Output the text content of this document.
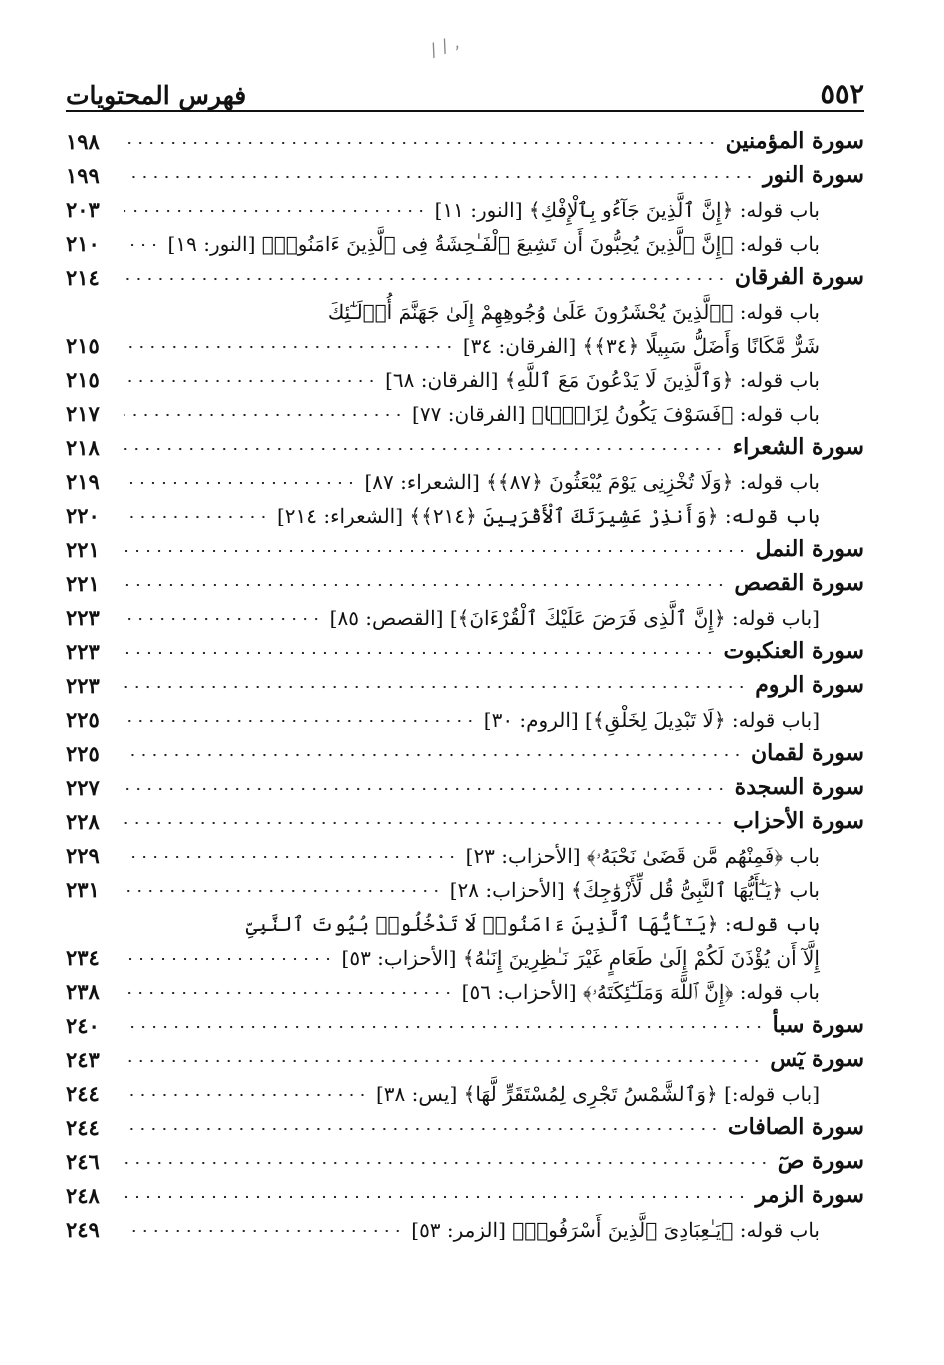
/ / ,
٥٥٢
فهرس المحتويات
سورة المؤمنين
١٩٨
سورة النور
١٩٩
باب قوله: ﴿إِنَّ ٱلَّذِينَ جَآءُو بِٱلْإِفْكِ﴾ [النور: ١١]
٢٠٣
باب قوله: ﴿إِنَّ ٱلَّذِينَ يُحِبُّونَ أَن تَشِيعَ ٱلْفَـٰحِشَةُ فِى ٱلَّذِينَ ءَامَنُوا۟﴾ [النور: ١٩]
٢١٠
سورة الفرقان
٢١٤
باب قوله: ﴿ٱلَّذِينَ يُحْشَرُونَ عَلَىٰ وُجُوهِهِمْ إِلَىٰ جَهَنَّمَ أُو۟لَـٰٓئِكَ
شَرٌّ مَّكَانًا وَأَضَلُّ سَبِيلًا ﴿٣٤﴾﴾ [الفرقان: ٣٤]
٢١٥
باب قوله: ﴿وَٱلَّذِينَ لَا يَدْعُونَ مَعَ ٱللَّهِ﴾ [الفرقان: ٦٨]
٢١٥
باب قوله: ﴿فَسَوْفَ يَكُونُ لِزَامًۢا﴾ [الفرقان: ٧٧]
٢١٧
سورة الشعراء
٢١٨
باب قوله: ﴿وَلَا تُخْزِنِى يَوْمَ يُبْعَثُونَ ﴿٨٧﴾﴾ [الشعراء: ٨٧]
٢١٩
باب قوله: ﴿وَأَنذِرْ عَشِيرَتَكَ ٱلْأَقْرَبِينَ ﴿٢١٤﴾﴾ [الشعراء: ٢١٤]
٢٢٠
سورة النمل
٢٢١
سورة القصص
٢٢١
[باب قوله: ﴿إِنَّ ٱلَّذِى فَرَضَ عَلَيْكَ ٱلْقُرْءَانَ﴾] [القصص: ٨٥]
٢٢٣
سورة العنكبوت
٢٢٣
سورة الروم
٢٢٣
[باب قوله: ﴿لَا تَبْدِيلَ لِخَلْقِ﴾] [الروم: ٣٠]
٢٢٥
سورة لقمان
٢٢٥
سورة السجدة
٢٢٧
سورة الأحزاب
٢٢٨
باب ﴿فَمِنْهُم مَّن قَضَىٰ نَحْبَهُۥ﴾ [الأحزاب: ٢٣]
٢٢٩
باب ﴿يَـٰٓأَيُّهَا ٱلنَّبِىُّ قُل لِّأَزْوَٰجِكَ﴾ [الأحزاب: ٢٨]
٢٣١
باب قوله: ﴿يَـٰٓأَيُّهَا ٱلَّذِينَ ءَامَنُوا۟ لَا تَدْخُلُوا۟ بُيُوتَ ٱلنَّبِىِّ
إِلَّآ أَن يُؤْذَنَ لَكُمْ إِلَىٰ طَعَامٍ غَيْرَ نَـٰظِرِينَ إِنَىٰهُ﴾ [الأحزاب: ٥٣]
٢٣٤
باب قوله: ﴿إِنَّ ٱللَّهَ وَمَلَـٰٓئِكَتَهُۥ﴾ [الأحزاب: ٥٦]
٢٣٨
سورة سبأ
٢٤٠
سورة يٓس
٢٤٣
[باب قوله:] ﴿وَٱلشَّمْسُ تَجْرِى لِمُسْتَقَرٍّ لَّهَا﴾ [يس: ٣٨]
٢٤٤
سورة الصافات
٢٤٤
سورة صٓ
٢٤٦
سورة الزمر
٢٤٨
باب قوله: ﴿يَـٰعِبَادِىَ ٱلَّذِينَ أَسْرَفُوا۟﴾ [الزمر: ٥٣]
٢٤٩
